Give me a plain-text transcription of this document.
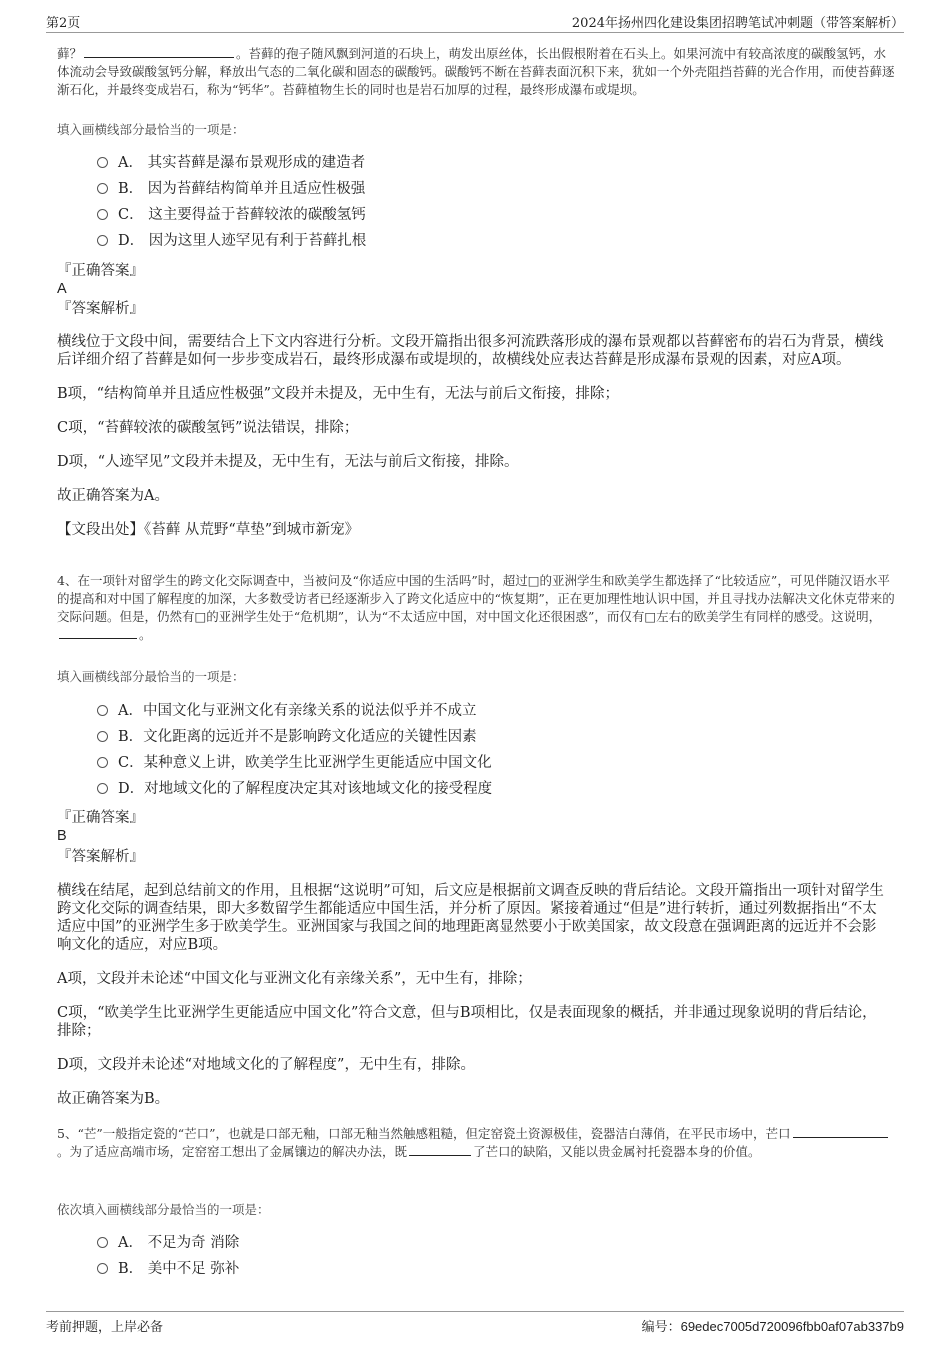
第2页	2024年扬州四化建设集团招聘笔试冲刺题（带答案解析）
藓？	。苔藓的孢子随风飘到河道的石块上，萌发出原丝体，长出假根附着在石头上。如果河流中有较高浓度的碳酸氢钙，水体流动会导致碳酸氢钙分解，释放出气态的二氧化碳和固态的碳酸钙。碳酸钙不断在苔藓表面沉积下来，犹如一个外壳阻挡苔藓的光合作用，而使苔藓逐渐石化，并最终变成岩石，称为“钙华”。苔藓植物生长的同时也是岩石加厚的过程，最终形成瀑布或堤坝。
填入画横线部分最恰当的一项是：
A． 其实苔藓是瀑布景观形成的建造者
B． 因为苔藓结构简单并且适应性极强
C． 这主要得益于苔藓较浓的碳酸氢钙
D． 因为这里人迹罕见有利于苔藓扎根
『正确答案』
A
『答案解析』

横线位于文段中间，需要结合上下文内容进行分析。文段开篇指出很多河流跌落形成的瀑布景观都以苔藓密布的岩石为背景，横线后详细介绍了苔藓是如何一步步变成岩石，最终形成瀑布或堤坝的，故横线处应表达苔藓是形成瀑布景观的因素，对应A项。

B项，“结构简单并且适应性极强”文段并未提及，无中生有，无法与前后文衔接，排除；

C项，“苔藓较浓的碳酸氢钙”说法错误，排除；

D项，“人迹罕见”文段并未提及，无中生有，无法与前后文衔接，排除。

故正确答案为A。

【文段出处】《苔藓 从荒野“草垫”到城市新宠》

4、在一项针对留学生的跨文化交际调查中，当被问及“你适应中国的生活吗”时，超过□的亚洲学生和欧美学生都选择了“比较适应”，可见伴随汉语水平的提高和对中国了解程度的加深，大多数受访者已经逐渐步入了跨文化适应中的“恢复期”，正在更加理性地认识中国，并且寻找办法解决文化休克带来的交际问题。但是，仍然有□的亚洲学生处于“危机期”，认为“不太适应中国，对中国文化还很困惑”，而仅有□左右的欧美学生有同样的感受。这说明，。
填入画横线部分最恰当的一项是：
A．中国文化与亚洲文化有亲缘关系的说法似乎并不成立
B．文化距离的远近并不是影响跨文化适应的关键性因素
C．某种意义上讲，欧美学生比亚洲学生更能适应中国文化
D．对地域文化的了解程度决定其对该地域文化的接受程度
『正确答案』
B
『答案解析』

横线在结尾，起到总结前文的作用，且根据“这说明”可知，后文应是根据前文调查反映的背后结论。文段开篇指出一项针对留学生跨文化交际的调查结果，即大多数留学生都能适应中国生活，并分析了原因。紧接着通过“但是”进行转折，通过列数据指出“不太适应中国”的亚洲学生多于欧美学生。亚洲国家与我国之间的地理距离显然要小于欧美国家，故文段意在强调距离的远近并不会影响文化的适应，对应B项。

A项，文段并未论述“中国文化与亚洲文化有亲缘关系”，无中生有，排除；

C项，“欧美学生比亚洲学生更能适应中国文化”符合文意，但与B项相比，仅是表面现象的概括，并非通过现象说明的背后结论，排除；

D项，文段并未论述“对地域文化的了解程度”，无中生有，排除。

故正确答案为B。

5、“芒”一般指定瓷的“芒口”，也就是口部无釉，口部无釉当然触感粗糙，但定窑瓷土资源极佳，瓷器洁白薄俏，在平民市场中，芒口。为了适应高端市场，定窑窑工想出了金属镶边的解决办法，既	了芒口的缺陷，又能以贵金属衬托瓷器本身的价值。
依次填入画横线部分最恰当的一项是：
A． 不足为奇 消除
B． 美中不足 弥补
考前押题，上岸必备	编号：69edec7005d720096fbb0af07ab337b9
